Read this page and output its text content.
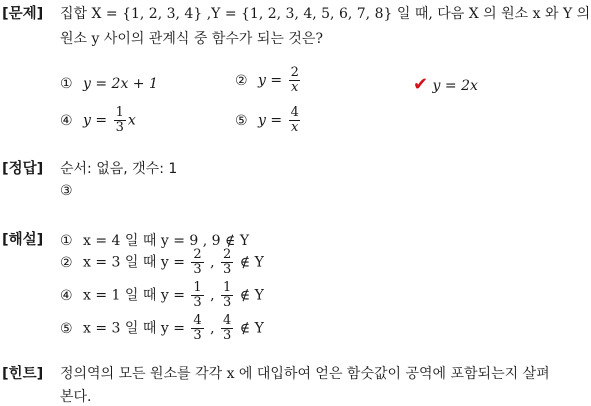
[문제] 집합 X = {1, 2, 3, 4} ,Y = {1, 2, 3, 4, 5, 6, 7, 8} 일 때, 다음 X 의 원소 x 와 Y 의
원소 y 사이의 관계식 중 함수가 되는 것은?
① y = 2x + 1	② $y = \frac{2}{x}$	✔ y = 2x
④ $y = \frac{1}{3}$ x	⑤ $y = \frac{4}{x}$
[정답] 순서: 없음, 갯수: 1
③
[해설] ① x = 4 일 때 y = 9 , 9 ∉ Y
② x = 3 일 때 $y = \frac{2}{3}$ , $\frac{2}{3}$ ∉ Y
④ x = 1 일 때 $y = \frac{1}{3}$ , $\frac{1}{3}$ ∉ Y
⑤ x = 3 일 때 $y = \frac{4}{3}$ , $\frac{4}{3}$ ∉ Y
[힌트] 정의역의 모든 원소를 각각 x 에 대입하여 얻은 함숫값이 공역에 포함되는지 살펴
본다.
